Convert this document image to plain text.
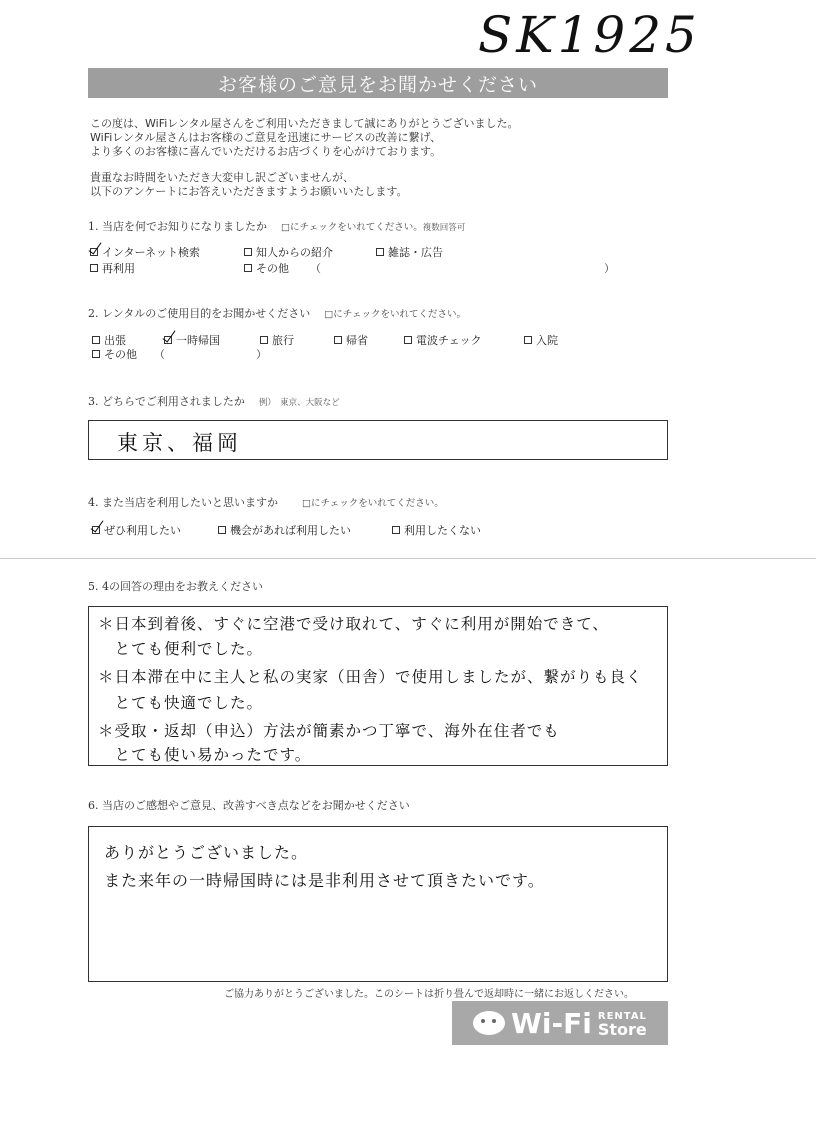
SK1925
お客様のご意見をお聞かせください
この度は、WiFiレンタル屋さんをご利用いただきまして誠にありがとうございました。
WiFiレンタル屋さんはお客様のご意見を迅速にサービスの改善に繋げ、
より多くのお客様に喜んでいただけるお店づくりを心がけております。
貴重なお時間をいただき大変申し訳ございませんが、
以下のアンケートにお答えいただきますようお願いいたします。
1. 当店を何でお知りになりましたか □にチェックをいれてください。複数回答可
インターネット検索	知人からの紹介	雑誌・広告
再利用	その他 （	）
2. レンタルのご使用目的をお聞かせください □にチェックをいれてください。
出張	一時帰国	旅行	帰省	電波チェック	入院
その他 （	）
3. どちらでご利用されましたか 例）　東京、大阪など
東京、福岡
4. また当店を利用したいと思いますか	□にチェックをいれてください。
ぜひ利用したい	機会があれば利用したい	利用したくない
5. 4の回答の理由をお教えください
＊日本到着後、すぐに空港で受け取れて、すぐに利用が開始できて、
　とても便利でした。
＊日本滞在中に主人と私の実家（田舎）で使用しましたが、繋がりも良く
　とても快適でした。
＊受取・返却（申込）方法が簡素かつ丁寧で、海外在住者でも
　とても使い易かったです。
6. 当店のご感想やご意見、改善すべき点などをお聞かせください
ありがとうございました。
また来年の一時帰国時には是非利用させて頂きたいです。
ご協力ありがとうございました。このシートは折り畳んで返却時に一緒にお返しください。
Wi-Fi RENTAL
Store
